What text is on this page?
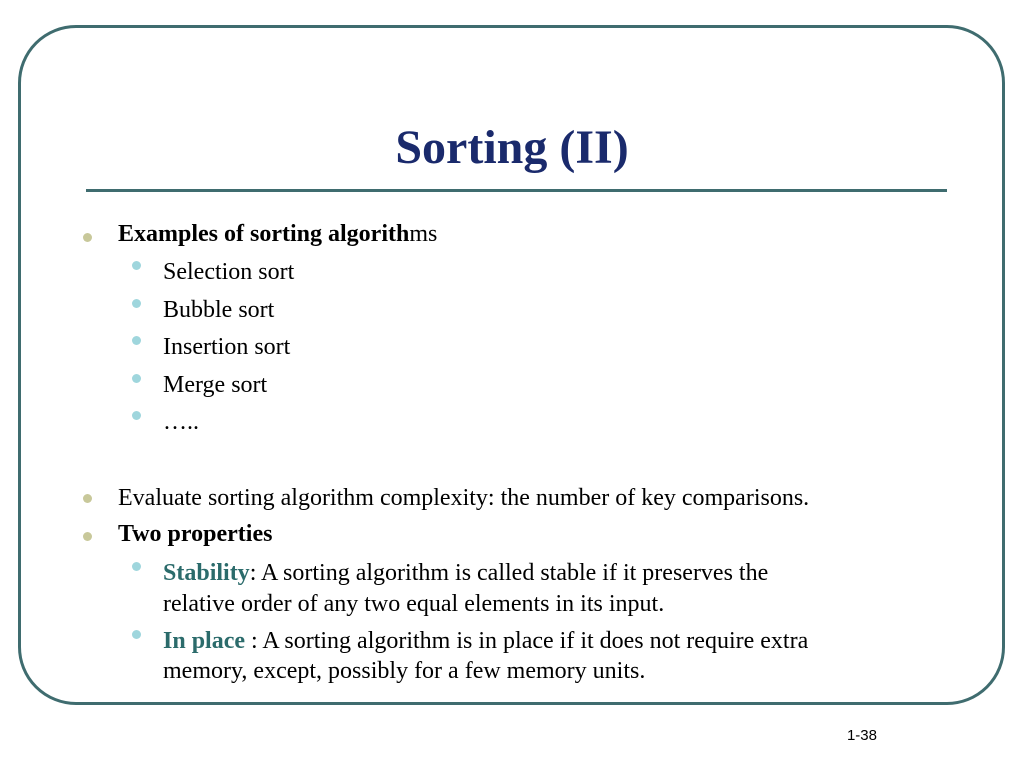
Sorting (II)
Examples of sorting algorithms
Selection sort
Bubble sort
Insertion sort
Merge sort
…..
Evaluate sorting algorithm complexity: the number of key comparisons.
Two properties
Stability: A sorting algorithm is called stable if it preserves the
relative order of any two equal elements in its input.
In place : A sorting algorithm is in place if it does not require extra
memory, except, possibly for a few memory units.
1-38
